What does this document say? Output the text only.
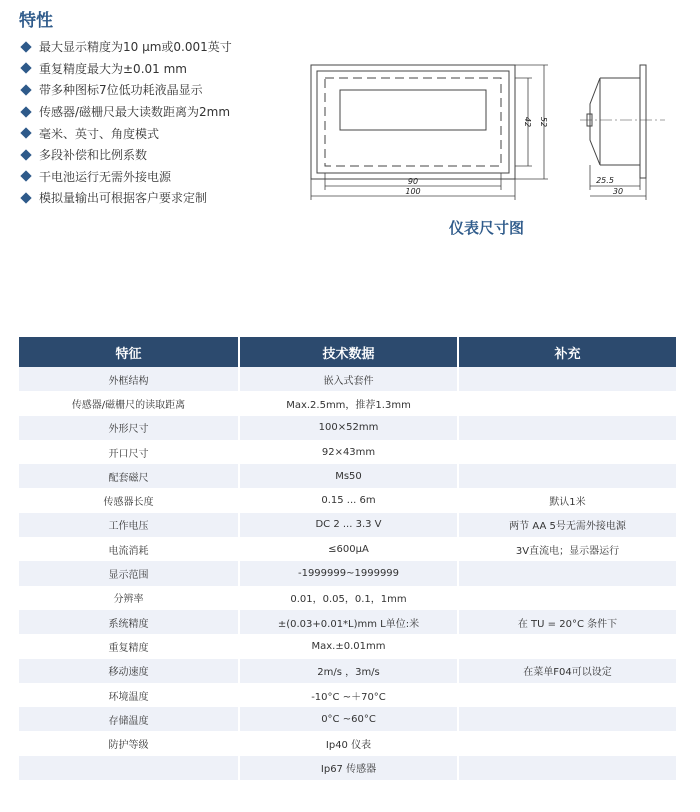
特性
最大显示精度为10 µm或0.001英寸
重复精度最大为±0.01 mm
带多种图标7位低功耗液晶显示
传感器/磁栅尺最大读数距离为2mm
毫米、英寸、角度模式
多段补偿和比例系数
干电池运行无需外接电源
模拟量输出可根据客户要求定制
42 52
90
100
25.5
30
仪表尺寸图
特征	技术数据	补充
外框结构	嵌入式套件	
传感器/磁栅尺的读取距离	Max.2.5mm，推荐1.3mm	
外形尺寸	100×52mm	
开口尺寸	92×43mm	
配套磁尺	Ms50	
传感器长度	0.15 ... 6m	默认1米
工作电压	DC 2 ... 3.3 V	两节 AA 5号无需外接电源
电流消耗	≤600μA	3V直流电；显示器运行
显示范围	-1999999~1999999	
分辨率	0.01，0.05，0.1，1mm	
系统精度	±(0.03+0.01*L)mm L单位:米	在 TU = 20°C 条件下
重复精度	Max.±0.01mm	
移动速度	2m/s ，3m/s	在菜单F04可以设定
环境温度	-10°C ~＋70°C	
存储温度	0°C ~60°C	
防护等级	Ip40 仪表	
	Ip67 传感器	
